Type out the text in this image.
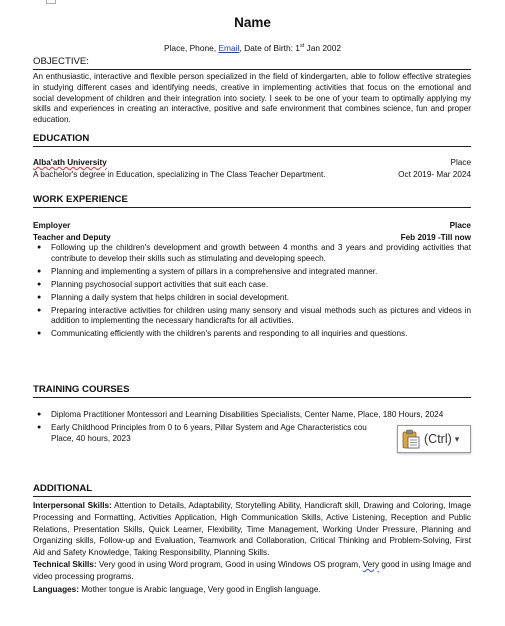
Name
Place, Phone, Email, Date of Birth: 1st Jan 2002
OBJECTIVE:
An enthusiastic, interactive and flexible person specialized in the field of kindergarten, able to follow effective strategies in studying different cases and identifying needs, creative in implementing activities that focus on the emotional and social development of children and their integration into society. I seek to be one of your team to optimally applying my skills and experiences in creating an interactive, positive and safe environment that combines science, fun and proper education.
EDUCATION
Alba'ath University	Place
A bachelor's degree in Education, specializing in The Class Teacher Department.	Oct 2019- Mar 2024
WORK EXPERIENCE
Employer	Place
Teacher and Deputy	Feb 2019 -Till now
● Following up the children's development and growth between 4 months and 3 years and providing activities that contribute to develop their skills such as stimulating and developing speech.
● Planning and implementing a system of pillars in a comprehensive and integrated manner.
● Planning psychosocial support activities that suit each case.
● Planning a daily system that helps children in social development.
● Preparing interactive activities for children using many sensory and visual methods such as pictures and videos in addition to implementing the necessary handicrafts for all activities.
● Communicating efficiently with the children's parents and responding to all inquiries and questions.
TRAINING COURSES
● Diploma Practitioner Montessori and Learning Disabilities Specialists, Center Name, Place, 180 Hours, 2024
● Early Childhood Principles from 0 to 6 years, Pillar System and Age Characteristics cou
Place, 40 hours, 2023
ADDITIONAL
Interpersonal Skills: Attention to Details, Adaptability, Storytelling Ability, Handicraft skill, Drawing and Coloring, Image Processing and Formatting, Activities Application, High Communication Skills, Active Listening, Reception and Public Relations, Presentation Skills, Quick Learner, Flexibility, Time Management, Working Under Pressure, Planning and Organizing skills, Follow-up and Evaluation, Teamwork and Collaboration, Critical Thinking and Problem-Solving, First Aid and Safety Knowledge, Taking Responsibility, Planning Skills.
Technical Skills: Very good in using Word program, Good in using Windows OS program, Very good in using Image and video processing programs.
Languages: Mother tongue is Arabic language, Very good in English language.
(Ctrl) ▾
